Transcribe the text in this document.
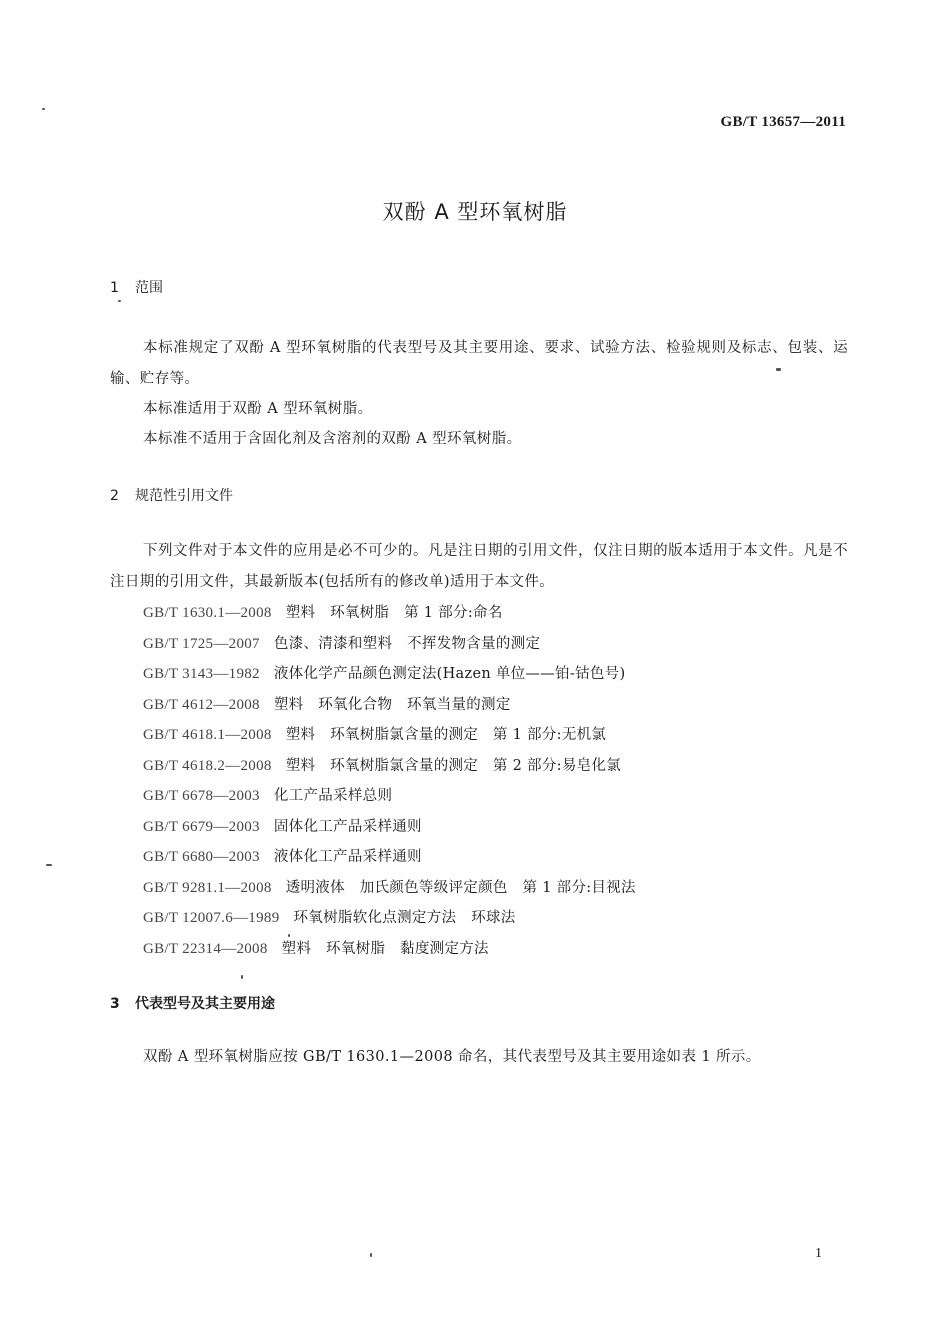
GB/T 13657—2011
双酚 A 型环氧树脂
1 范围
本标准规定了双酚 A 型环氧树脂的代表型号及其主要用途、要求、试验方法、检验规则及标志、包装、运输、贮存等。
本标准适用于双酚 A 型环氧树脂。
本标准不适用于含固化剂及含溶剂的双酚 A 型环氧树脂。
2 规范性引用文件
下列文件对于本文件的应用是必不可少的。凡是注日期的引用文件，仅注日期的版本适用于本文件。凡是不注日期的引用文件，其最新版本(包括所有的修改单)适用于本文件。
GB/T 1630.1—2008 塑料　环氧树脂　第 1 部分:命名
GB/T 1725—2007 色漆、清漆和塑料　不挥发物含量的测定
GB/T 3143—1982 液体化学产品颜色测定法(Hazen 单位——铂-钴色号)
GB/T 4612—2008 塑料　环氧化合物　环氧当量的测定
GB/T 4618.1—2008 塑料　环氧树脂氯含量的测定　第 1 部分:无机氯
GB/T 4618.2—2008 塑料　环氧树脂氯含量的测定　第 2 部分:易皂化氯
GB/T 6678—2003 化工产品采样总则
GB/T 6679—2003 固体化工产品采样通则
GB/T 6680—2003 液体化工产品采样通则
GB/T 9281.1—2008 透明液体　加氏颜色等级评定颜色　第 1 部分:目视法
GB/T 12007.6—1989 环氧树脂软化点测定方法　环球法
GB/T 22314—2008 塑料　环氧树脂　黏度测定方法
3 代表型号及其主要用途
双酚 A 型环氧树脂应按 GB/T 1630.1—2008 命名，其代表型号及其主要用途如表 1 所示。
1
